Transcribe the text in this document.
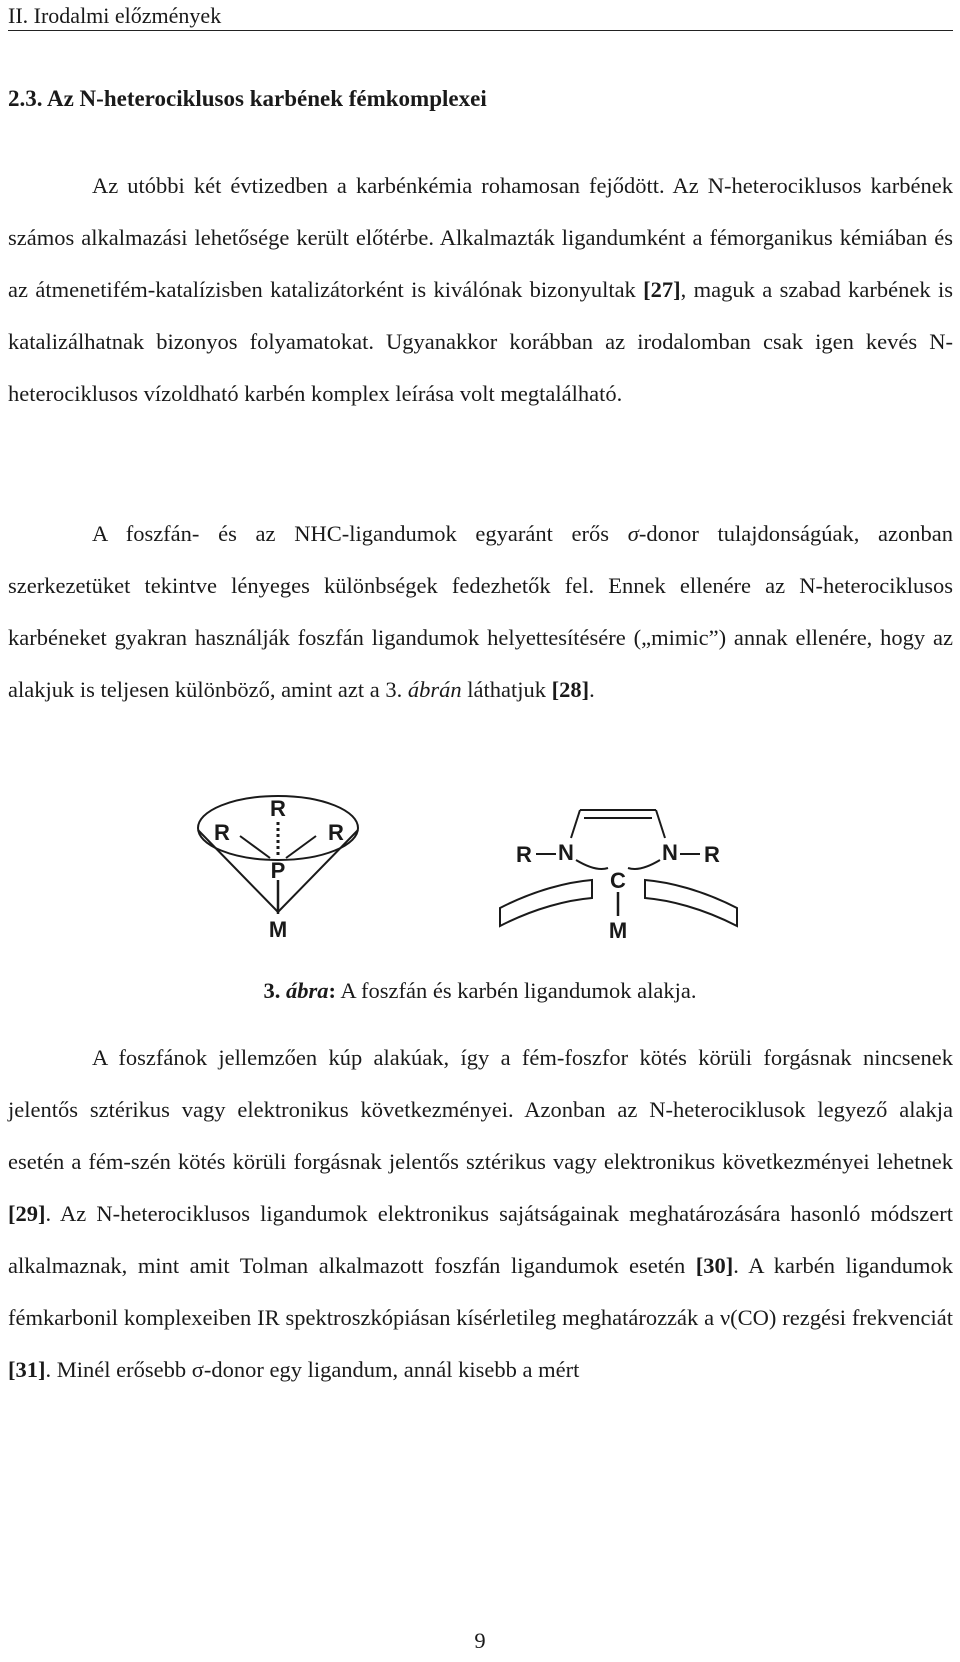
II. Irodalmi előzmények
2.3. Az N-heterociklusos karbének fémkomplexei

Az utóbbi két évtizedben a karbénkémia rohamosan fejődött. Az N-heterociklusos karbének számos alkalmazási lehetősége került előtérbe. Alkalmazták ligandumként a fémorganikus kémiában és az átmenetifém-katalízisben katalizátorként is kiválónak bizonyultak [27], maguk a szabad karbének is katalizálhatnak bizonyos folyamatokat. Ugyanakkor korábban az irodalomban csak igen kevés N-heterociklusos vízoldható karbén komplex leírása volt megtalálható.

A foszfán- és az NHC-ligandumok egyaránt erős σ-donor tulajdonságúak, azonban szerkezetüket tekintve lényeges különbségek fedezhetők fel. Ennek ellenére az N-heterociklusos karbéneket gyakran használják foszfán ligandumok helyettesítésére („mimic”) annak ellenére, hogy az alakjuk is teljesen különböző, amint azt a 3. ábrán láthatjuk [28].

R
R	R
P
M
R N	N R
C
M
3. ábra: A foszfán és karbén ligandumok alakja.

A foszfánok jellemzően kúp alakúak, így a fém-foszfor kötés körüli forgásnak nincsenek jelentős sztérikus vagy elektronikus következményei. Azonban az N-heterociklusok legyező alakja esetén a fém-szén kötés körüli forgásnak jelentős sztérikus vagy elektronikus következményei lehetnek [29]. Az N-heterociklusos ligandumok elektronikus sajátságainak meghatározására hasonló módszert alkalmaznak, mint amit Tolman alkalmazott foszfán ligandumok esetén [30]. A karbén ligandumok fémkarbonil komplexeiben IR spektroszkópiásan kísérletileg meghatározzák a ν(CO) rezgési frekvenciát [31]. Minél erősebb σ-donor egy ligandum, annál kisebb a mért

9
